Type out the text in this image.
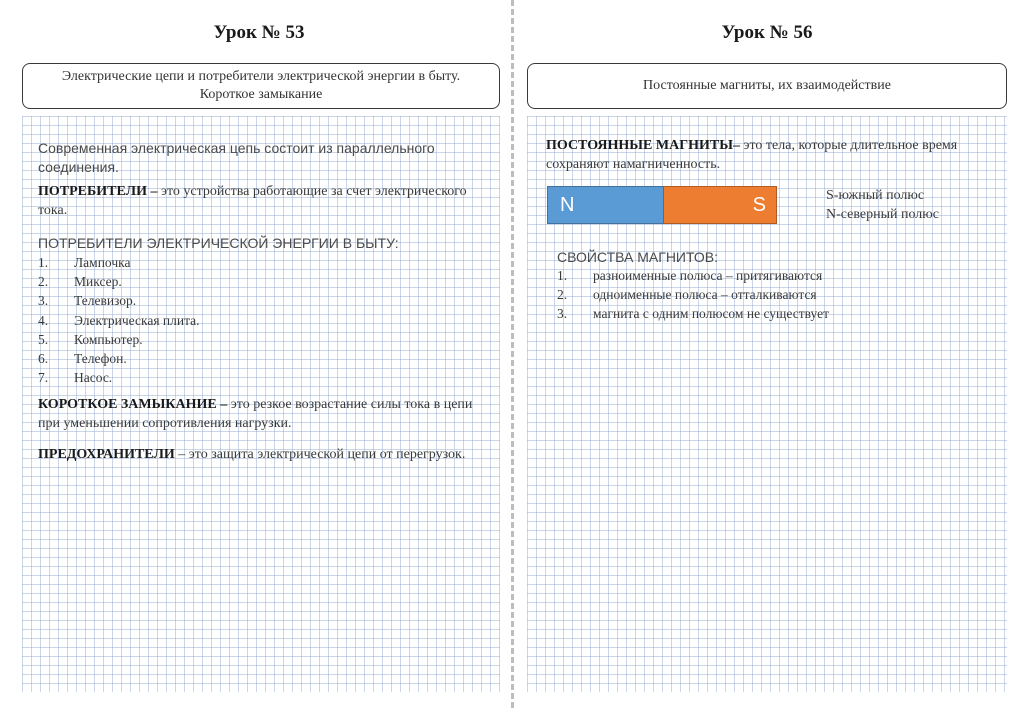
Урок № 53
Электрические цепи и потребители электрической энергии в быту. Короткое замыкание
Современная электрическая цепь состоит из параллельного соединения.
ПОТРЕБИТЕЛИ – это устройства работающие за счет электрического тока.
ПОТРЕБИТЕЛИ ЭЛЕКТРИЧЕСКОЙ ЭНЕРГИИ В БЫТУ:
1.	Лампочка
2.	Миксер.
3.	Телевизор.
4.	Электрическая плита.
5.	Компьютер.
6.	Телефон.
7.	Насос.
КОРОТКОЕ ЗАМЫКАНИЕ – это резкое возрастание силы тока в цепи при уменьшении сопротивления нагрузки.
ПРЕДОХРАНИТЕЛИ – это защита электрической цепи от перегрузок.
Урок № 56
Постоянные магниты, их взаимодействие
ПОСТОЯННЫЕ МАГНИТЫ– это тела, которые длительное время сохраняют намагниченность.
N	S	S-южный полюс
N-северный полюс
СВОЙСТВА МАГНИТОВ:
1.	разноименные полюса – притягиваются
2.	одноименные полюса – отталкиваются
3.	магнита с одним полюсом не существует
